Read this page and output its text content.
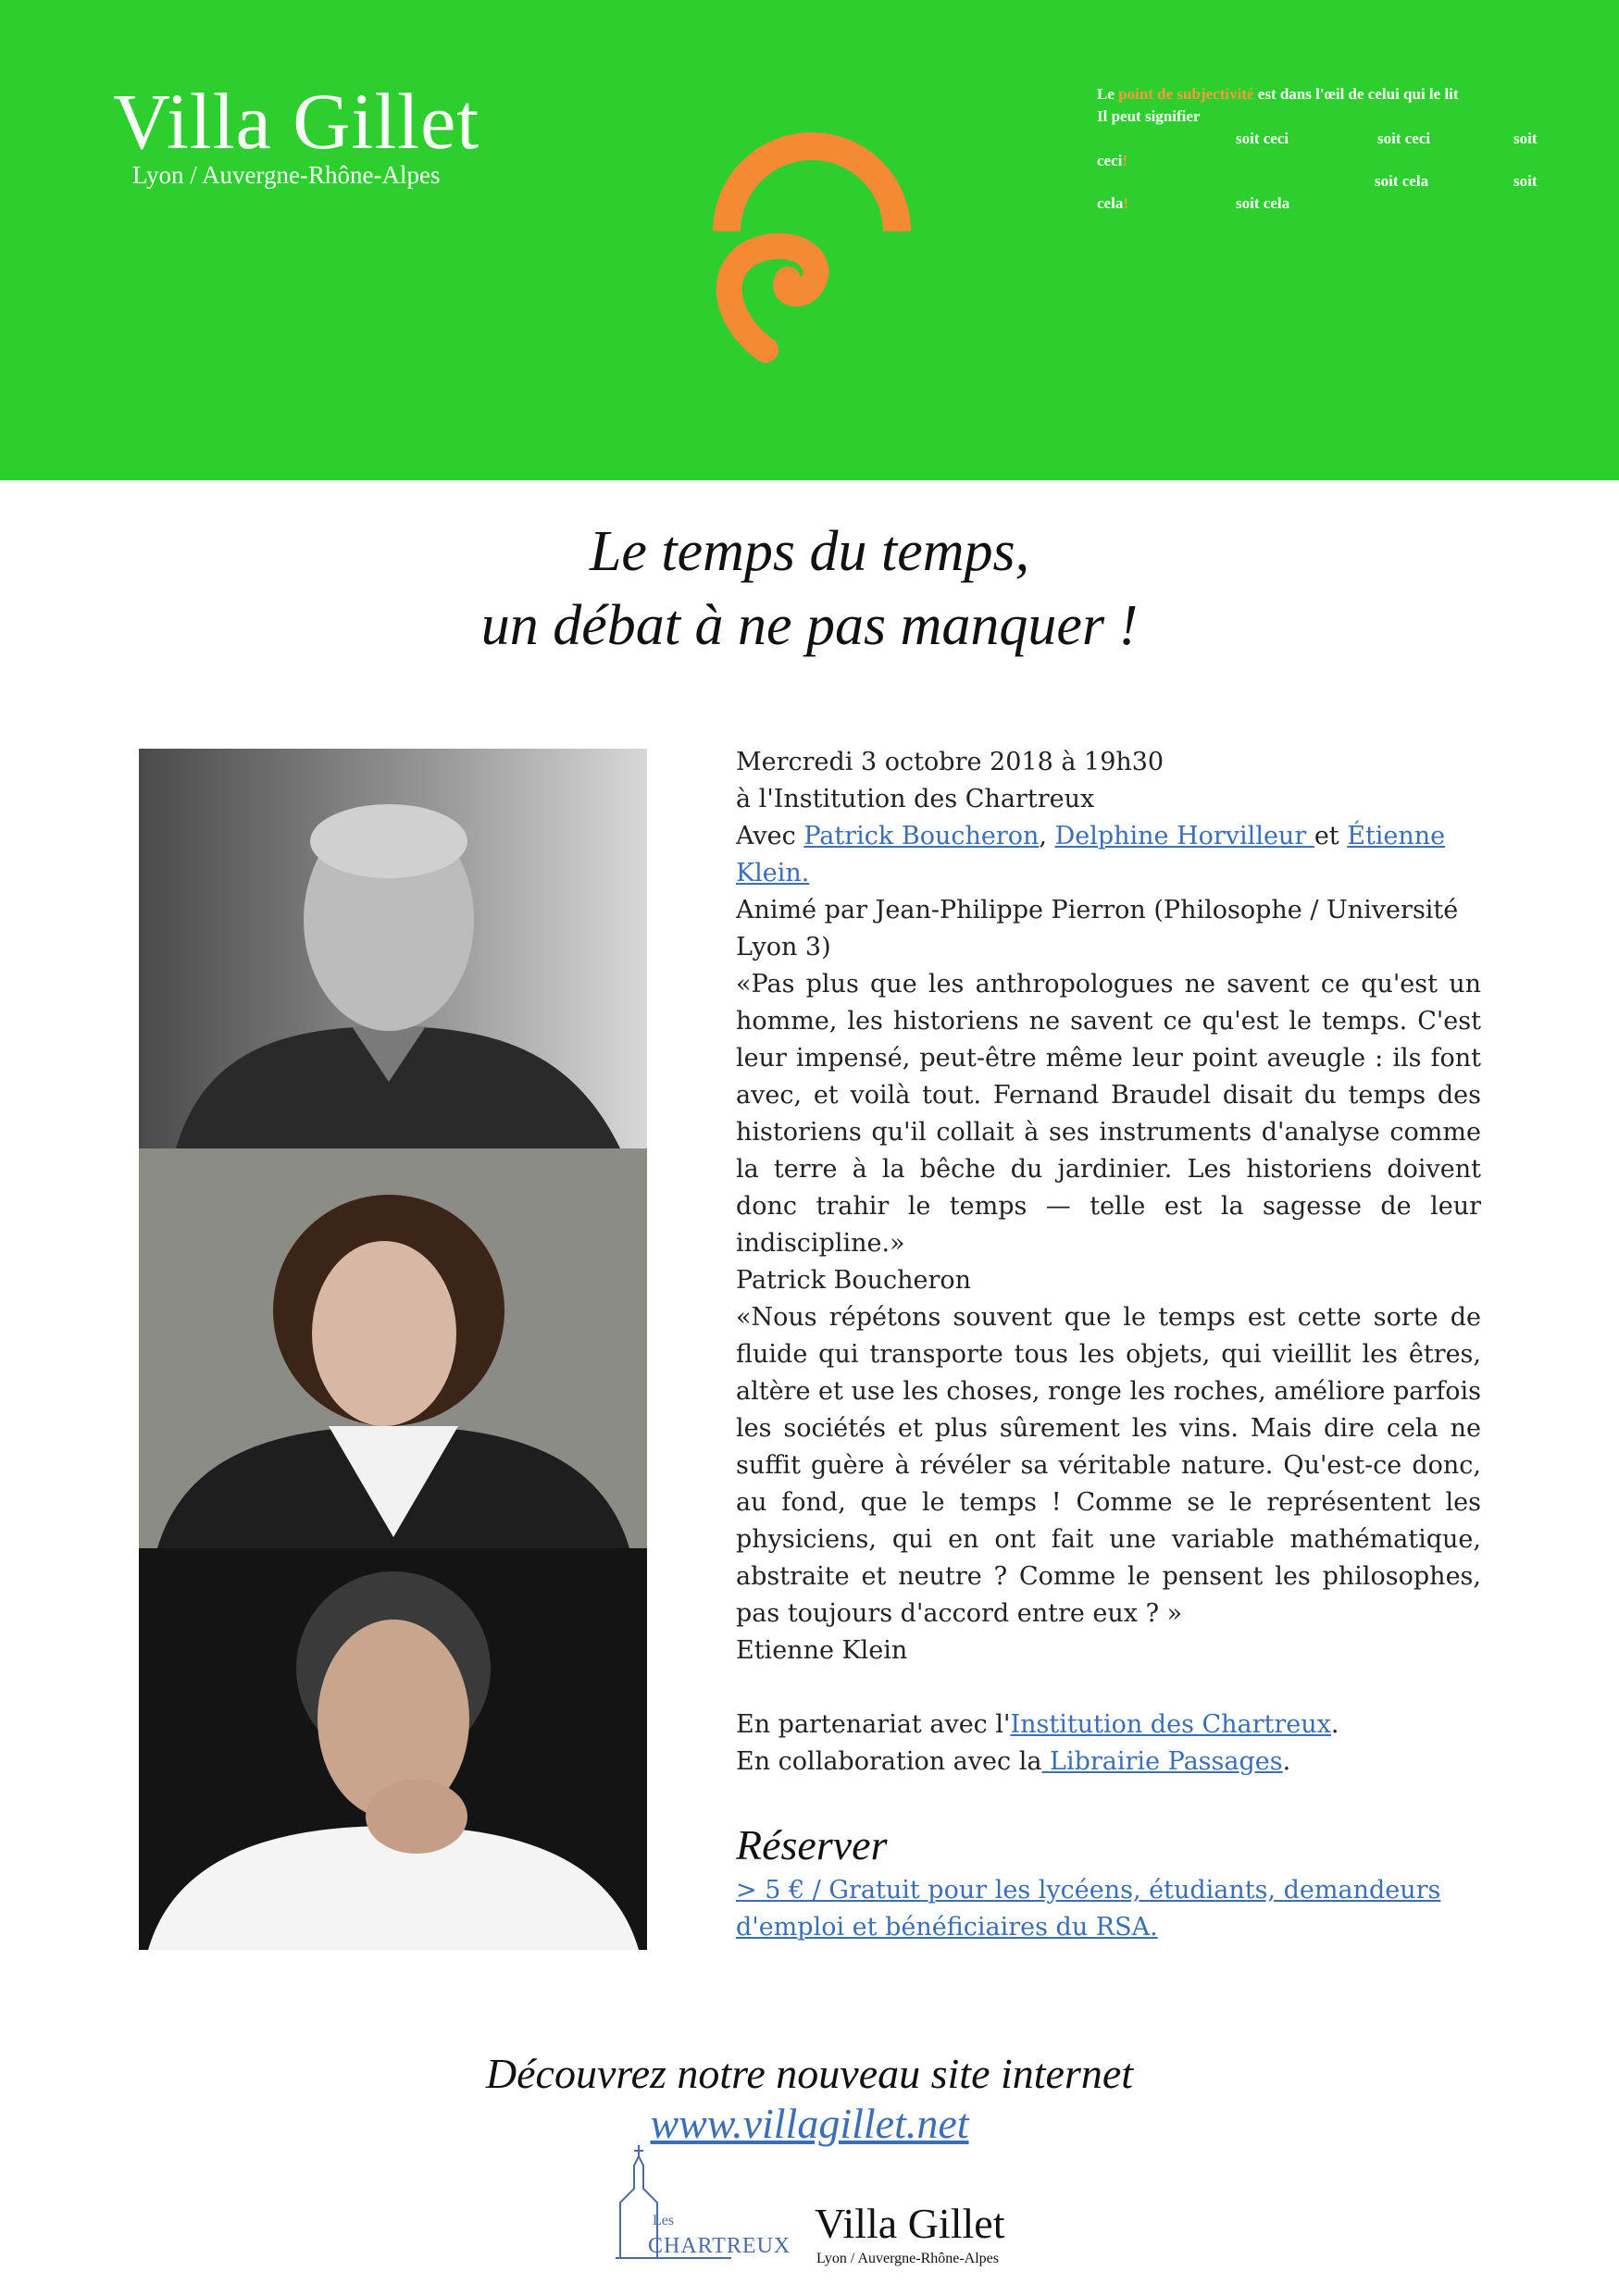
Villa Gillet
Lyon / Auvergne-Rhône-Alpes
Le point de subjectivité est dans l'œil de celui qui le lit
Il peut signifier
soit ceci	soit ceci	soit
ceci!
soit cela	soit
cela!	soit cela
Le temps du temps,
un débat à ne pas manquer !

Mercredi 3 octobre 2018 à 19h30

à l'Institution des Chartreux

Avec Patrick Boucheron, Delphine Horvilleur et Étienne Klein.

Animé par Jean-Philippe Pierron (Philosophe / Université Lyon 3)

«Pas plus que les anthropologues ne savent ce qu'est un homme, les historiens ne savent ce qu'est le temps. C'est leur impensé, peut-être même leur point aveugle : ils font avec, et voilà tout. Fernand Braudel disait du temps des historiens qu'il collait à ses instruments d'analyse comme la terre à la bêche du jardinier. Les historiens doivent donc trahir le temps — telle est la sagesse de leur indiscipline.»

Patrick Boucheron

«Nous répétons souvent que le temps est cette sorte de fluide qui transporte tous les objets, qui vieillit les êtres, altère et use les choses, ronge les roches, améliore parfois les sociétés et plus sûrement les vins. Mais dire cela ne suffit guère à révéler sa véritable nature. Qu'est-ce donc, au fond, que le temps ! Comme se le représentent les physiciens, qui en ont fait une variable mathématique, abstraite et neutre ? Comme le pensent les philosophes, pas toujours d'accord entre eux ? »

Etienne Klein

En partenariat avec l'Institution des Chartreux.

En collaboration avec la Librairie Passages.

Réserver
> 5 € / Gratuit pour les lycéens, étudiants, demandeurs d'emploi et bénéficiaires du RSA.
Découvrez notre nouveau site internet
www.villagillet.net
Les
CHARTREUX Villa Gillet
Lyon / Auvergne-Rhône-Alpes
